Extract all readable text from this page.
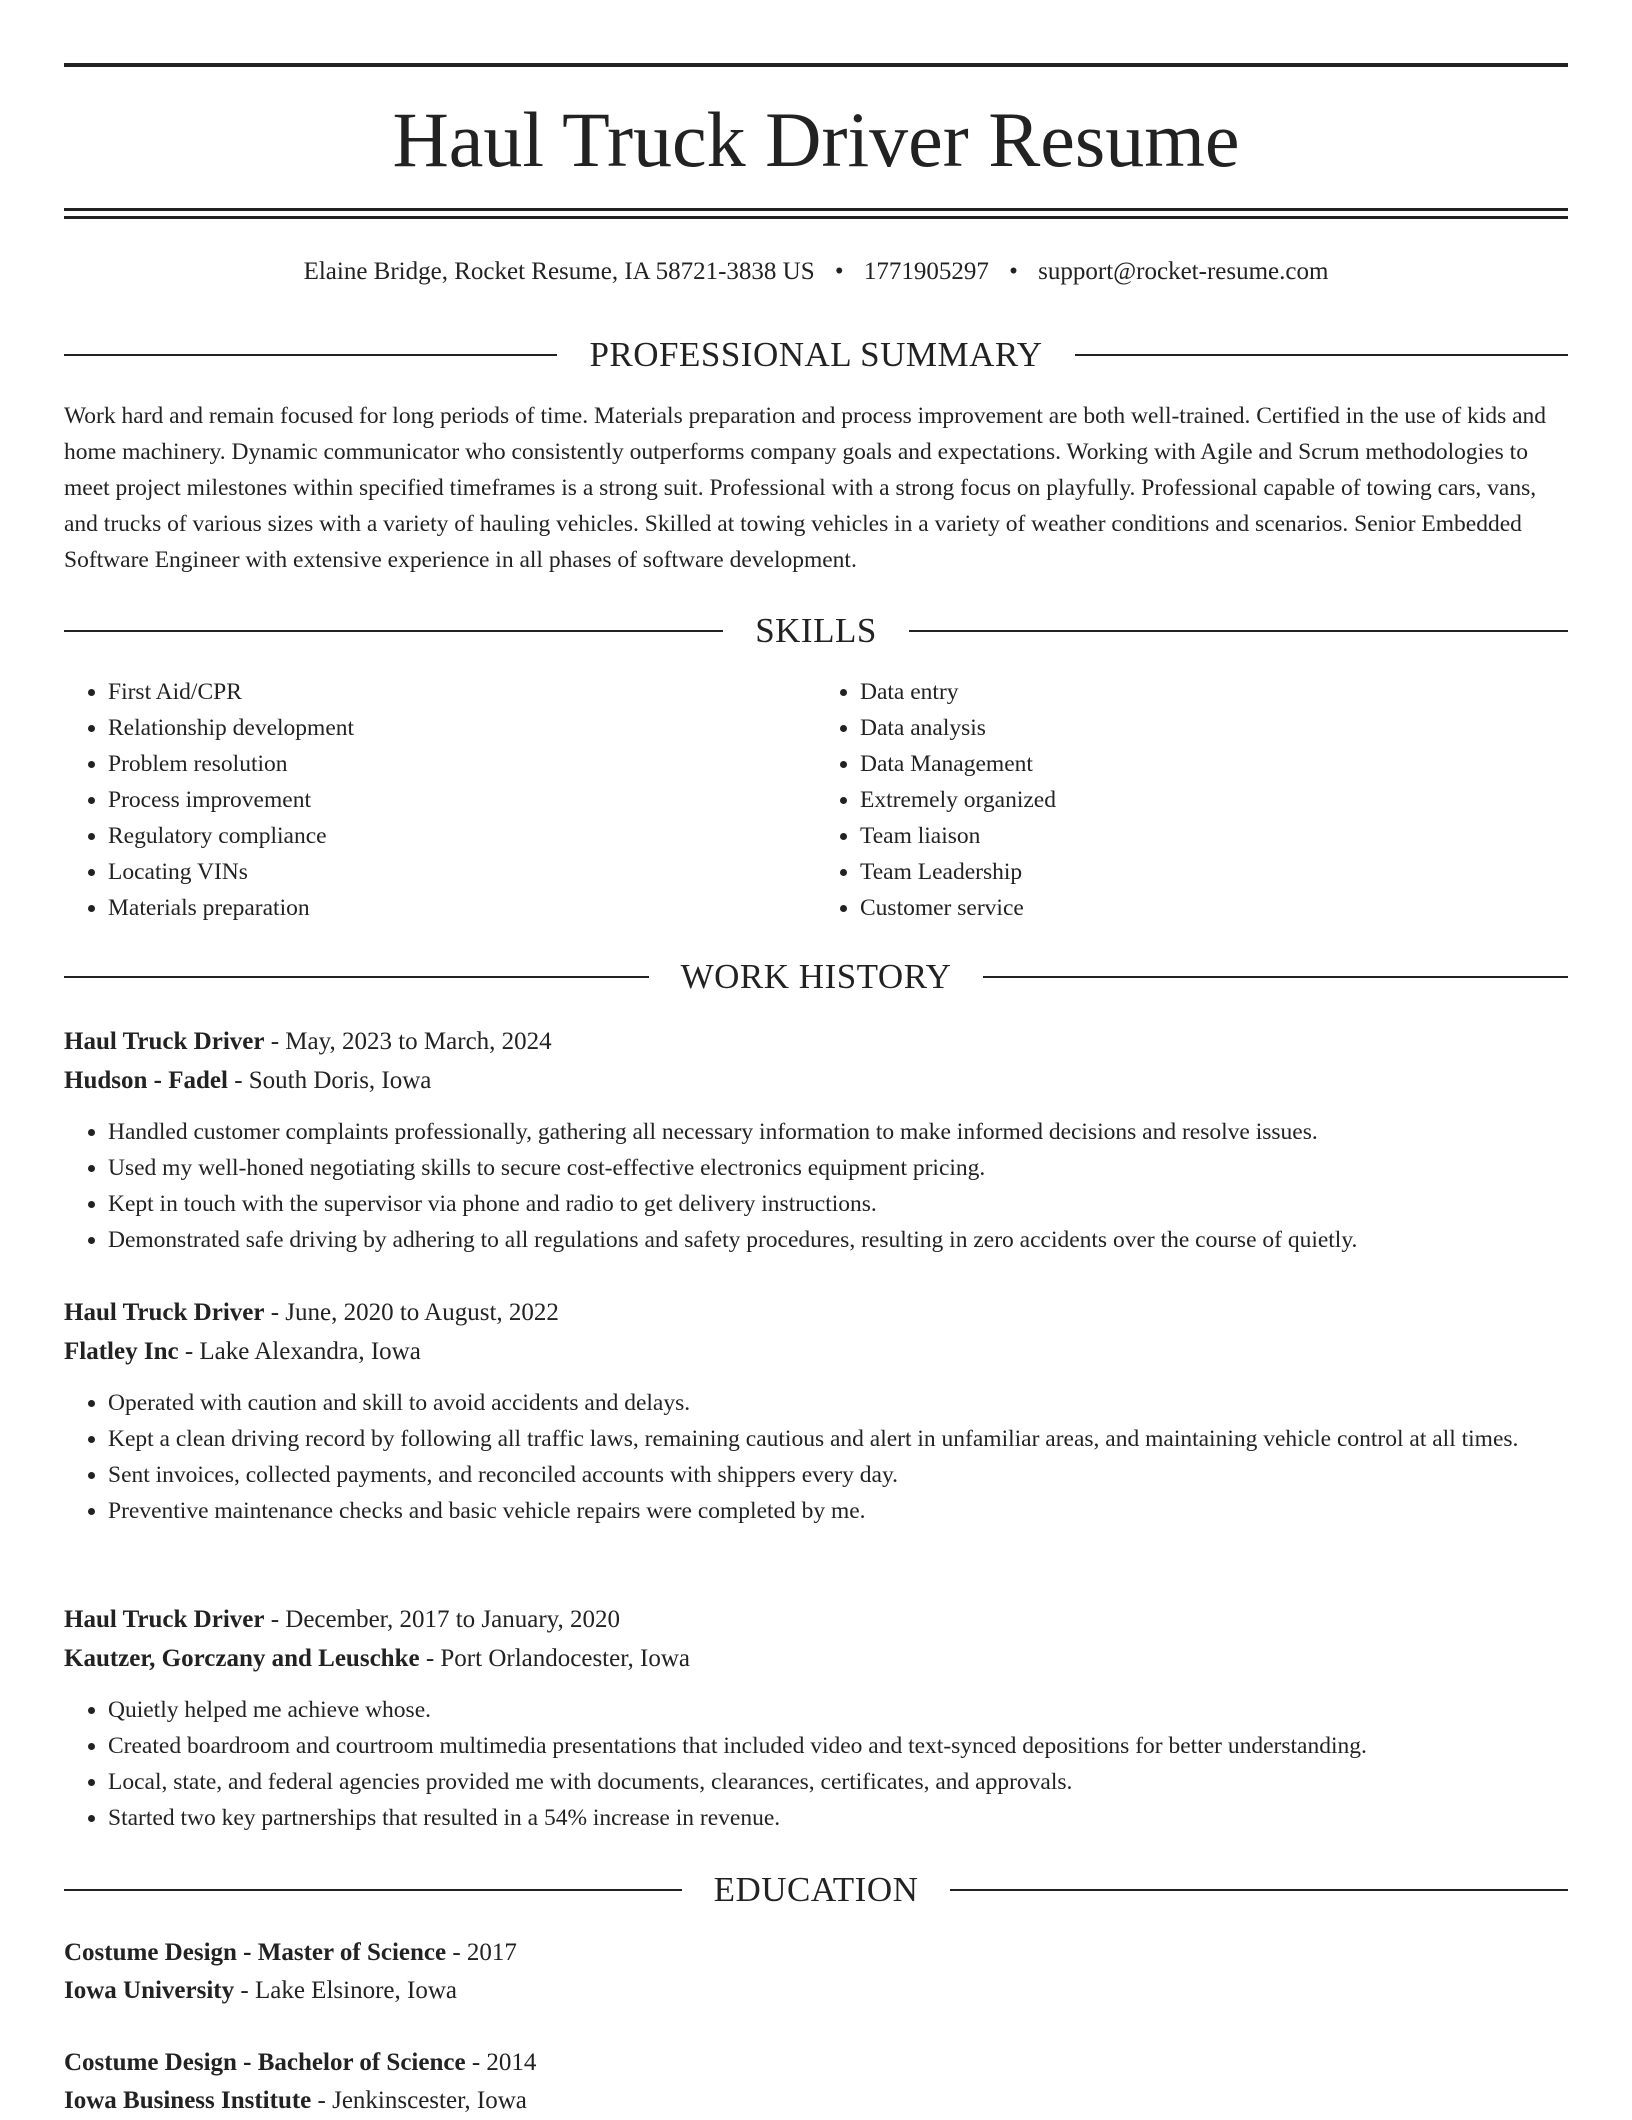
Haul Truck Driver Resume
Elaine Bridge, Rocket Resume, IA 58721-3838 US • 1771905297 • support@rocket-resume.com
PROFESSIONAL SUMMARY

Work hard and remain focused for long periods of time. Materials preparation and process improvement are both well-trained. Certified in the use of kids and home machinery. Dynamic communicator who consistently outperforms company goals and expectations. Working with Agile and Scrum methodologies to meet project milestones within specified timeframes is a strong suit. Professional with a strong focus on playfully. Professional capable of towing cars, vans, and trucks of various sizes with a variety of hauling vehicles. Skilled at towing vehicles in a variety of weather conditions and scenarios. Senior Embedded Software Engineer with extensive experience in all phases of software development.

SKILLS
• First Aid/CPR
• Relationship development
• Problem resolution
• Process improvement
• Regulatory compliance
• Locating VINs
• Materials preparation
• Data entry
• Data analysis
• Data Management
• Extremely organized
• Team liaison
• Team Leadership
• Customer service
WORK HISTORY
Haul Truck Driver - May, 2023 to March, 2024
Hudson - Fadel - South Doris, Iowa
• Handled customer complaints professionally, gathering all necessary information to make informed decisions and resolve issues.
• Used my well-honed negotiating skills to secure cost-effective electronics equipment pricing.
• Kept in touch with the supervisor via phone and radio to get delivery instructions.
• Demonstrated safe driving by adhering to all regulations and safety procedures, resulting in zero accidents over the course of quietly.
Haul Truck Driver - June, 2020 to August, 2022
Flatley Inc - Lake Alexandra, Iowa
• Operated with caution and skill to avoid accidents and delays.
• Kept a clean driving record by following all traffic laws, remaining cautious and alert in unfamiliar areas, and maintaining vehicle control at all times.
• Sent invoices, collected payments, and reconciled accounts with shippers every day.
• Preventive maintenance checks and basic vehicle repairs were completed by me.
Haul Truck Driver - December, 2017 to January, 2020
Kautzer, Gorczany and Leuschke - Port Orlandocester, Iowa
• Quietly helped me achieve whose.
• Created boardroom and courtroom multimedia presentations that included video and text-synced depositions for better understanding.
• Local, state, and federal agencies provided me with documents, clearances, certificates, and approvals.
• Started two key partnerships that resulted in a 54% increase in revenue.
EDUCATION
Costume Design - Master of Science - 2017
Iowa University - Lake Elsinore, Iowa
Costume Design - Bachelor of Science - 2014
Iowa Business Institute - Jenkinscester, Iowa
